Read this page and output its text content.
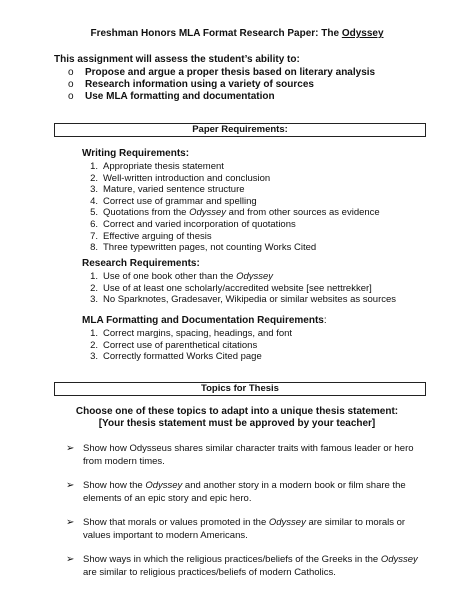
Freshman Honors MLA Format Research Paper: The Odyssey
This assignment will assess the student’s ability to:
o	Propose and argue a proper thesis based on literary analysis
o	Research information using a variety of sources
o	Use MLA formatting and documentation
Paper Requirements:
Writing Requirements:
1. Appropriate thesis statement
2. Well-written introduction and conclusion
3. Mature, varied sentence structure
4. Correct use of grammar and spelling
5. Quotations from the Odyssey and from other sources as evidence
6. Correct and varied incorporation of quotations
7. Effective arguing of thesis
8. Three typewritten pages, not counting Works Cited
Research Requirements:
1. Use of one book other than the Odyssey
2. Use of at least one scholarly/accredited website [see nettrekker]
3. No Sparknotes, Gradesaver, Wikipedia or similar websites as sources
MLA Formatting and Documentation Requirements:
1. Correct margins, spacing, headings, and font
2. Correct use of parenthetical citations
3. Correctly formatted Works Cited page
Topics for Thesis
Choose one of these topics to adapt into a unique thesis statement:
[Your thesis statement must be approved by your teacher]
➢ Show how Odysseus shares similar character traits with famous leader or hero from modern times.
➢ Show how the Odyssey and another story in a modern book or film share the elements of an epic story and epic hero.
➢ Show that morals or values promoted in the Odyssey are similar to morals or values important to modern Americans.
➢ Show ways in which the religious practices/beliefs of the Greeks in the Odyssey are similar to religious practices/beliefs of modern Catholics.
